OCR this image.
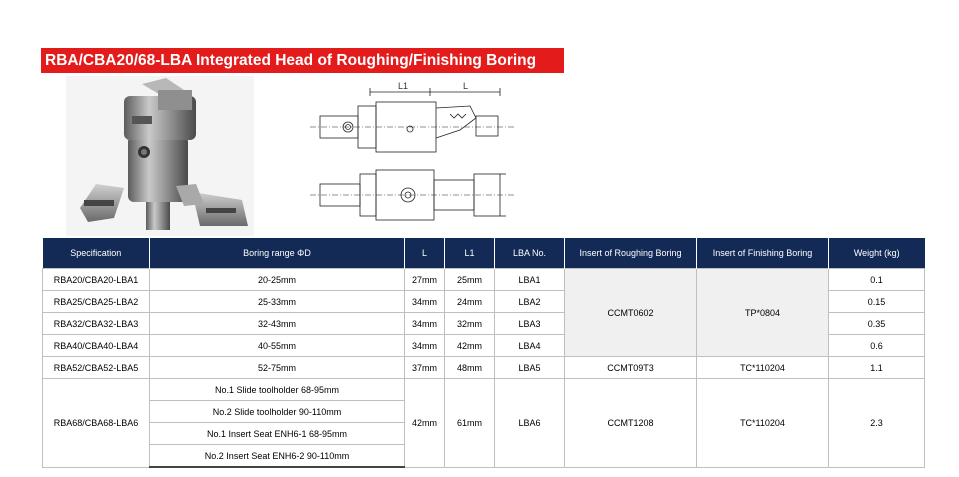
RBA/CBA20/68-LBA Integrated Head of Roughing/Finishing Boring
L1	L
Specification	Boring range ΦD	L	L1	LBA No.	Insert of Roughing Boring	Insert of Finishing Boring	Weight (kg)
RBA20/CBA20-LBA1	20-25mm	27mm	25mm	LBA1	CCMT0602	TP*0804	0.1
RBA25/CBA25-LBA2	25-33mm	34mm	24mm	LBA2			0.15
RBA32/CBA32-LBA3	32-43mm	34mm	32mm	LBA3			0.35
RBA40/CBA40-LBA4	40-55mm	34mm	42mm	LBA4			0.6
RBA52/CBA52-LBA5	52-75mm	37mm	48mm	LBA5	CCMT09T3	TC*110204	1.1
RBA68/CBA68-LBA6	No.1 Slide toolholder 68-95mm	42mm	61mm	LBA6	CCMT1208	TC*110204	2.3
	No.2 Slide toolholder 90-110mm						
	No.1 Insert Seat ENH6-1 68-95mm						
	No.2 Insert Seat ENH6-2 90-110mm						
